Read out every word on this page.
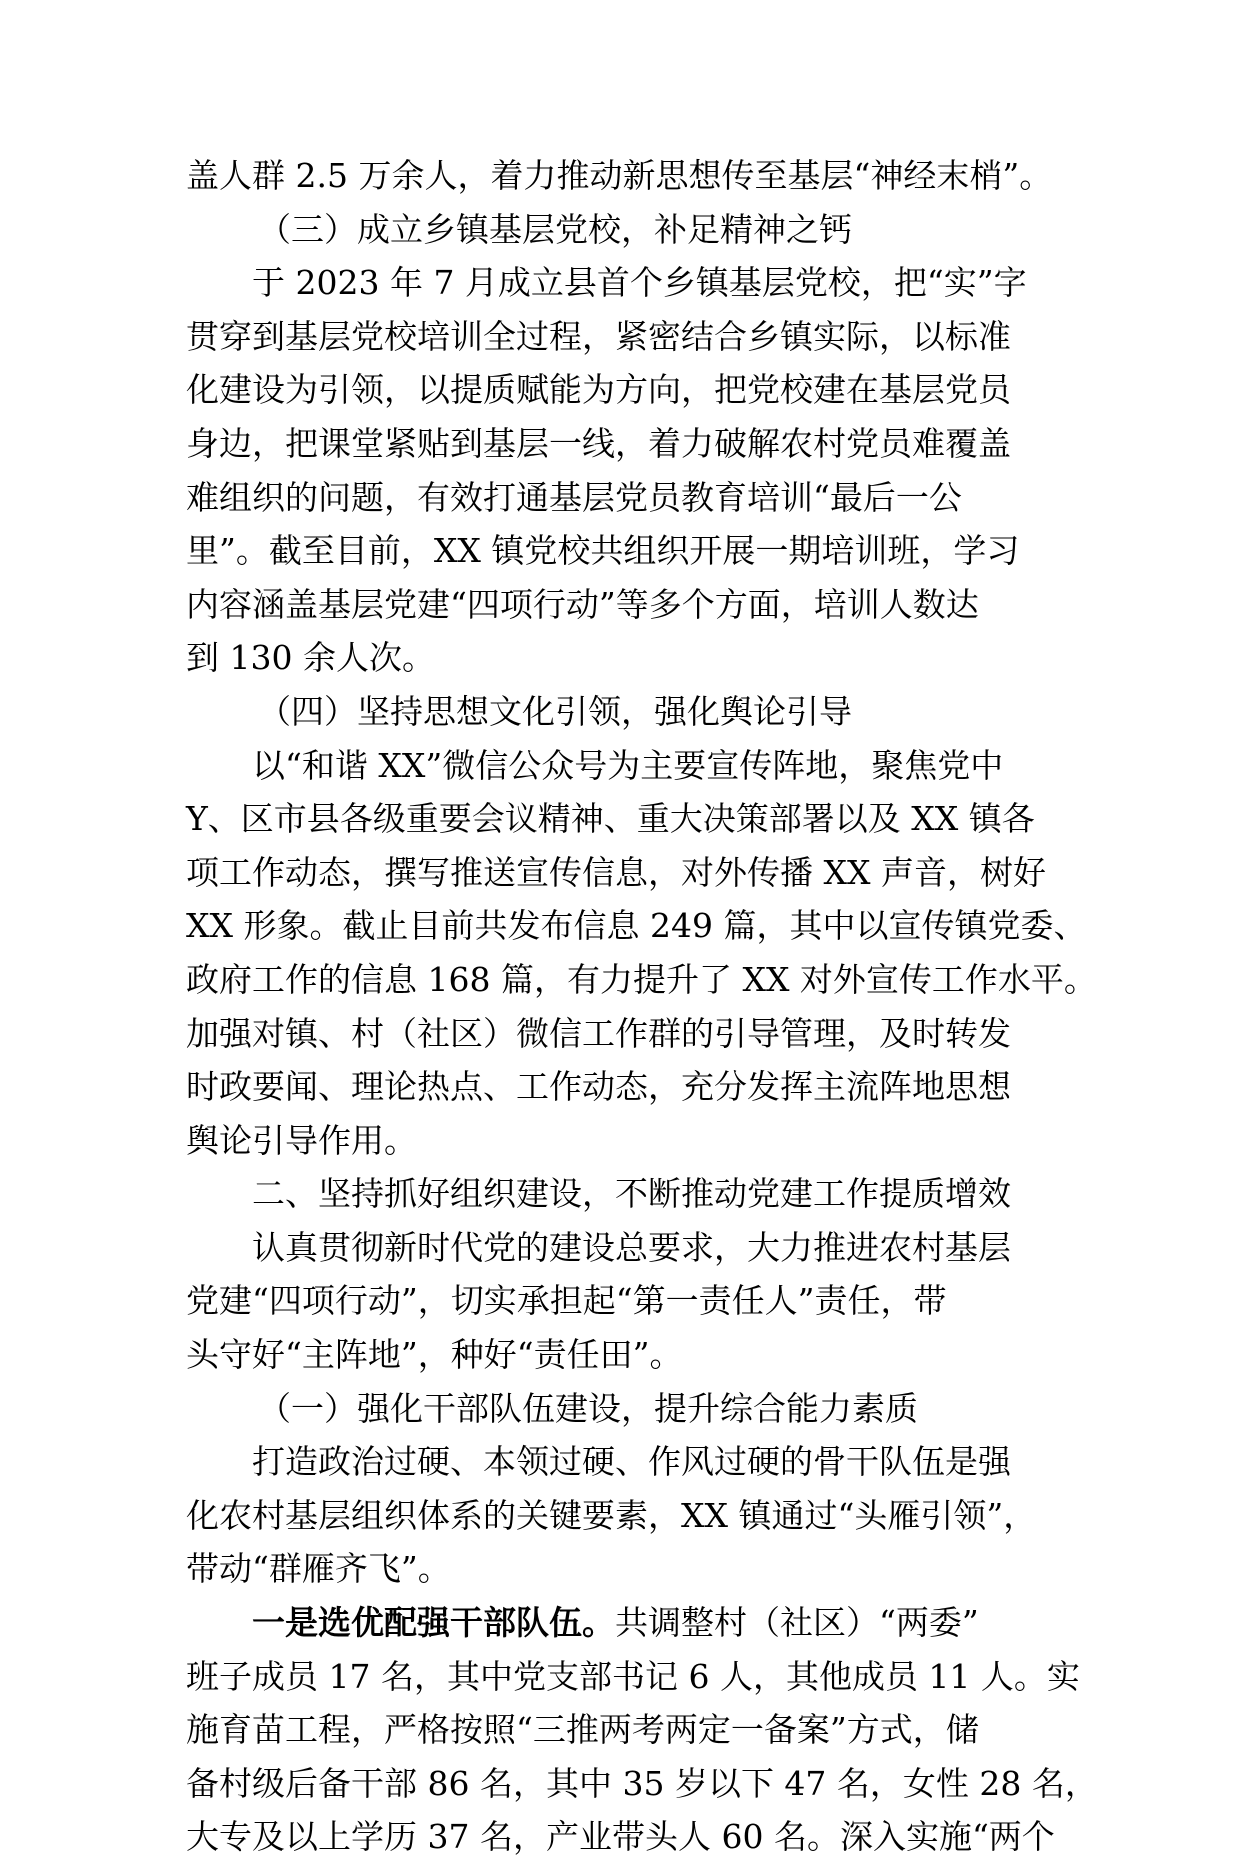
盖人群 2.5 万余人，着力推动新思想传至基层“神经末梢”。
（三）成立乡镇基层党校，补足精神之钙
于 2023 年 7 月成立县首个乡镇基层党校，把“实”字
贯穿到基层党校培训全过程，紧密结合乡镇实际，以标准
化建设为引领，以提质赋能为方向，把党校建在基层党员
身边，把课堂紧贴到基层一线，着力破解农村党员难覆盖
难组织的问题，有效打通基层党员教育培训“最后一公
里”。截至目前，XX 镇党校共组织开展一期培训班，学习
内容涵盖基层党建“四项行动”等多个方面，培训人数达
到 130 余人次。
（四）坚持思想文化引领，强化舆论引导
以“和谐 XX”微信公众号为主要宣传阵地，聚焦党中
Y、区市县各级重要会议精神、重大决策部署以及 XX 镇各
项工作动态，撰写推送宣传信息，对外传播 XX 声音，树好
XX 形象。截止目前共发布信息 249 篇，其中以宣传镇党委、
政府工作的信息 168 篇，有力提升了 XX 对外宣传工作水平。
加强对镇、村（社区）微信工作群的引导管理，及时转发
时政要闻、理论热点、工作动态，充分发挥主流阵地思想
舆论引导作用。
二、坚持抓好组织建设，不断推动党建工作提质增效
认真贯彻新时代党的建设总要求，大力推进农村基层
党建“四项行动”，切实承担起“第一责任人”责任，带
头守好“主阵地”，种好“责任田”。
（一）强化干部队伍建设，提升综合能力素质
打造政治过硬、本领过硬、作风过硬的骨干队伍是强
化农村基层组织体系的关键要素，XX 镇通过“头雁引领”，
带动“群雁齐飞”。
一是选优配强干部队伍。共调整村（社区）“两委”
班子成员 17 名，其中党支部书记 6 人，其他成员 11 人。实
施育苗工程，严格按照“三推两考两定一备案”方式，储
备村级后备干部 86 名，其中 35 岁以下 47 名，女性 28 名，
大专及以上学历 37 名，产业带头人 60 名。深入实施“两个
